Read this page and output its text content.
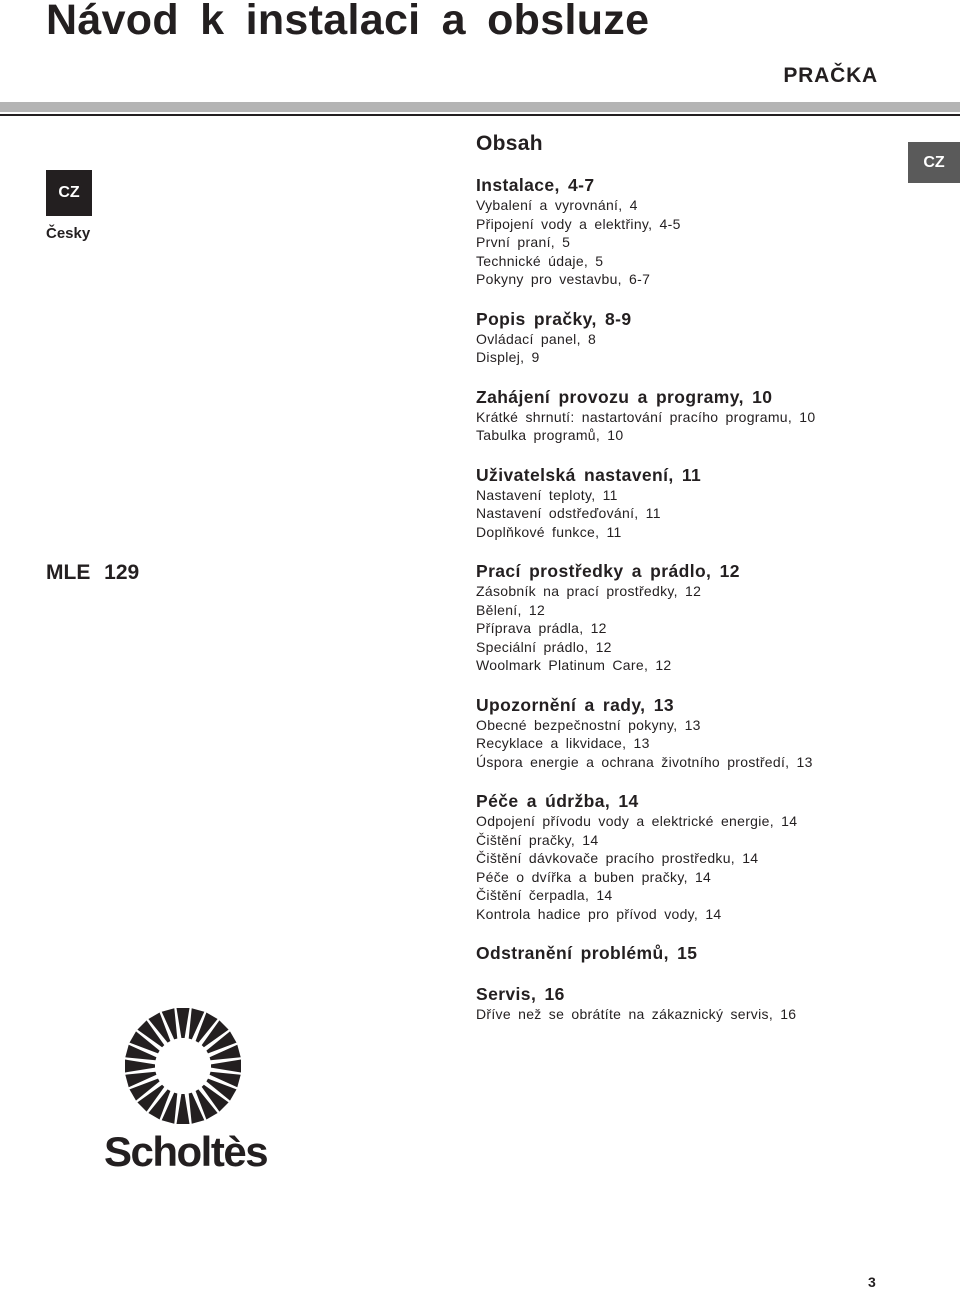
Návod k instalaci a obsluze
PRAČKA
CZ
CZ
Česky
MLE 129
Obsah
Instalace, 4-7
Vybalení a vyrovnání, 4
Připojení vody a elektřiny, 4-5
První praní, 5
Technické údaje, 5
Pokyny pro vestavbu, 6-7
Popis pračky, 8-9
Ovládací panel, 8
Displej, 9
Zahájení provozu a programy, 10
Krátké shrnutí: nastartování pracího programu, 10
Tabulka programů, 10
Uživatelská nastavení, 11
Nastavení teploty, 11
Nastavení odstřeďování, 11
Doplňkové funkce, 11
Prací prostředky a prádlo, 12
Zásobník na prací prostředky, 12
Bělení, 12
Příprava prádla, 12
Speciální prádlo, 12
Woolmark Platinum Care, 12
Upozornění a rady, 13
Obecné bezpečnostní pokyny, 13
Recyklace a likvidace, 13
Úspora energie a ochrana životního prostředí, 13
Péče a údržba, 14
Odpojení přívodu vody a elektrické energie, 14
Čištění pračky, 14
Čištění dávkovače pracího prostředku, 14
Péče o dvířka a buben pračky, 14
Čištění čerpadla, 14
Kontrola hadice pro přívod vody, 14
Odstranění problémů, 15
Servis, 16
Dříve než se obrátíte na zákaznický servis, 16
Scholtès
3
